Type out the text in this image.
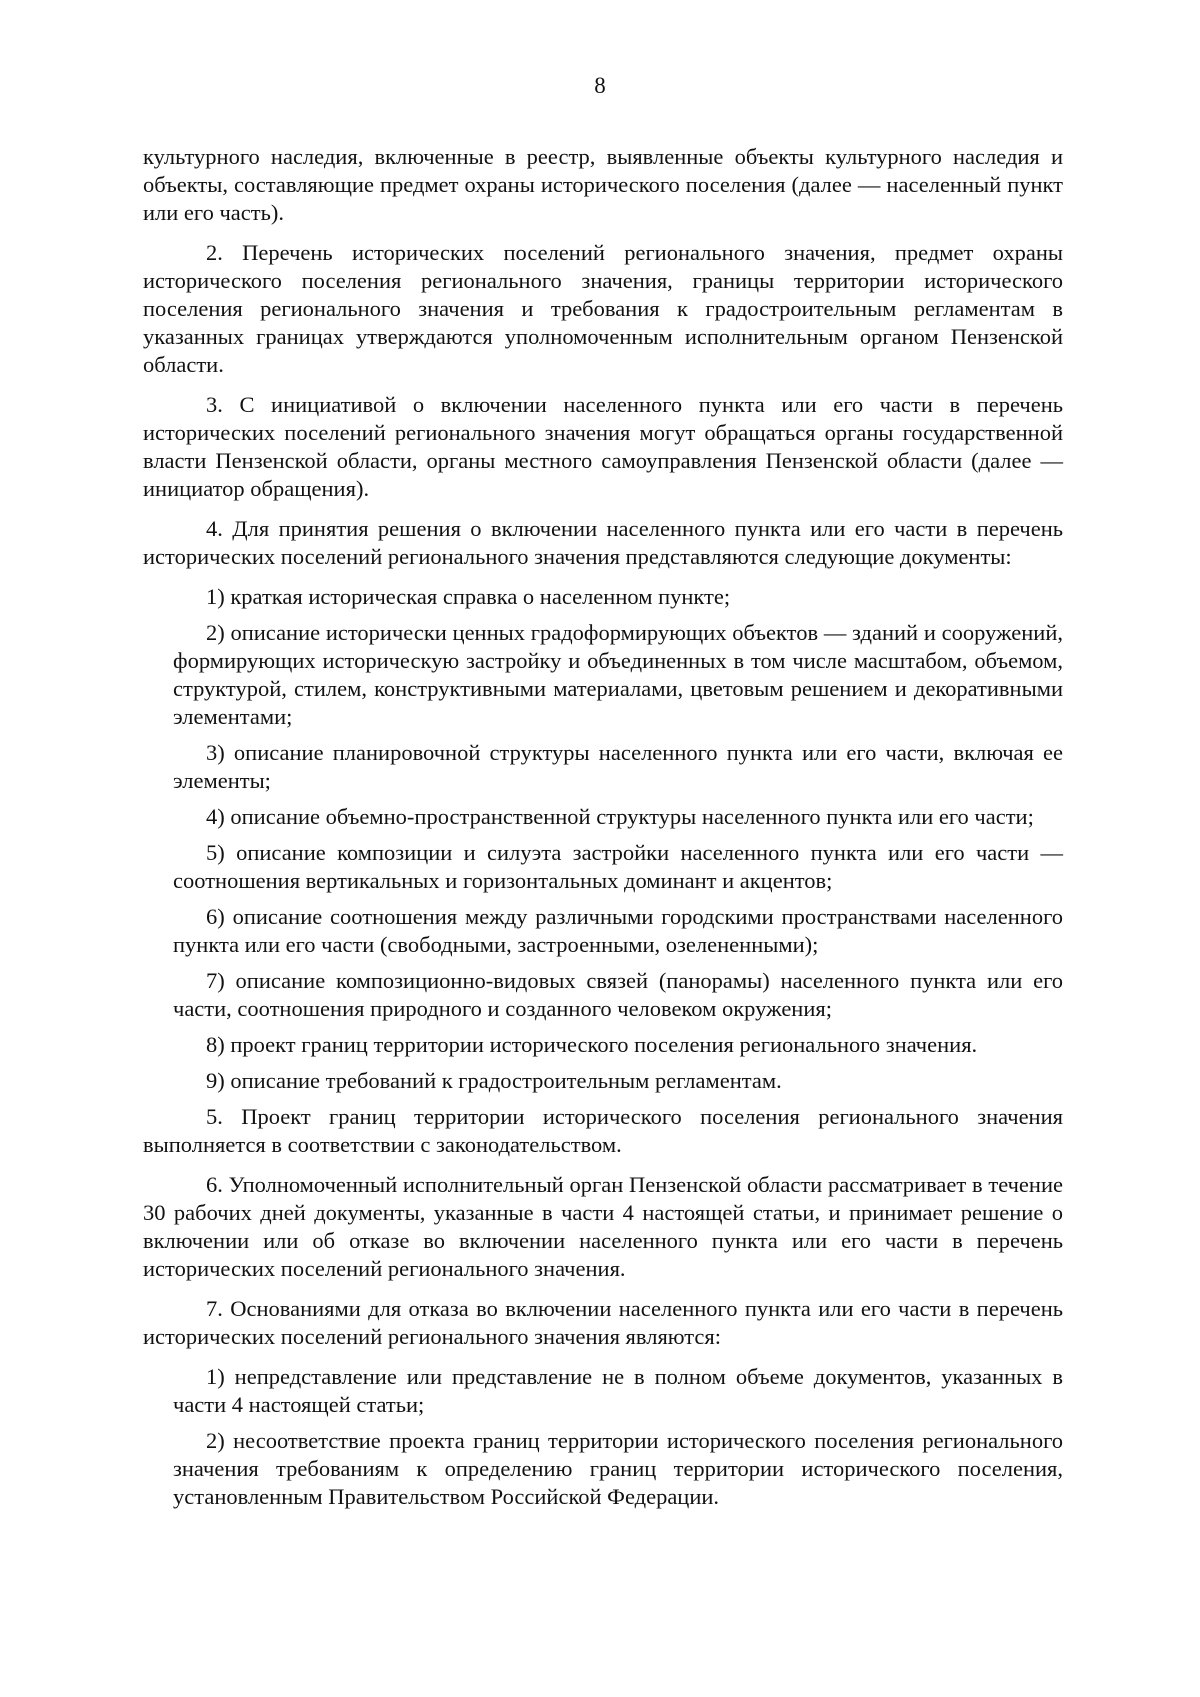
8

культурного наследия, включенные в реестр, выявленные объекты культурного наследия и объекты, составляющие предмет охраны исторического поселения (далее — населенный пункт или его часть).

2. Перечень исторических поселений регионального значения, предмет охраны исторического поселения регионального значения, границы территории исторического поселения регионального значения и требования к градостроительным регламентам в указанных границах утверждаются уполномоченным исполнительным органом Пензенской области.

3. С инициативой о включении населенного пункта или его части в перечень исторических поселений регионального значения могут обращаться органы государственной власти Пензенской области, органы местного самоуправления Пензенской области (далее — инициатор обращения).

4. Для принятия решения о включении населенного пункта или его части в перечень исторических поселений регионального значения представляются следующие документы:

1) краткая историческая справка о населенном пункте;

2) описание исторически ценных градоформирующих объектов — зданий и сооружений, формирующих историческую застройку и объединенных в том числе масштабом, объемом, структурой, стилем, конструктивными материалами, цветовым решением и декоративными элементами;

3) описание планировочной структуры населенного пункта или его части, включая ее элементы;

4) описание объемно-пространственной структуры населенного пункта или его части;

5) описание композиции и силуэта застройки населенного пункта или его части — соотношения вертикальных и горизонтальных доминант и акцентов;

6) описание соотношения между различными городскими пространствами населенного пункта или его части (свободными, застроенными, озелененными);

7) описание композиционно-видовых связей (панорамы) населенного пункта или его части, соотношения природного и созданного человеком окружения;

8) проект границ территории исторического поселения регионального значения.

9) описание требований к градостроительным регламентам.

5. Проект границ территории исторического поселения регионального значения выполняется в соответствии с законодательством.

6. Уполномоченный исполнительный орган Пензенской области рассматривает в течение 30 рабочих дней документы, указанные в части 4 настоящей статьи, и принимает решение о включении или об отказе во включении населенного пункта или его части в перечень исторических поселений регионального значения.

7. Основаниями для отказа во включении населенного пункта или его части в перечень исторических поселений регионального значения являются:

1) непредставление или представление не в полном объеме документов, указанных в части 4 настоящей статьи;

2) несоответствие проекта границ территории исторического поселения регионального значения требованиям к определению границ территории исторического поселения, установленным Правительством Российской Федерации.
